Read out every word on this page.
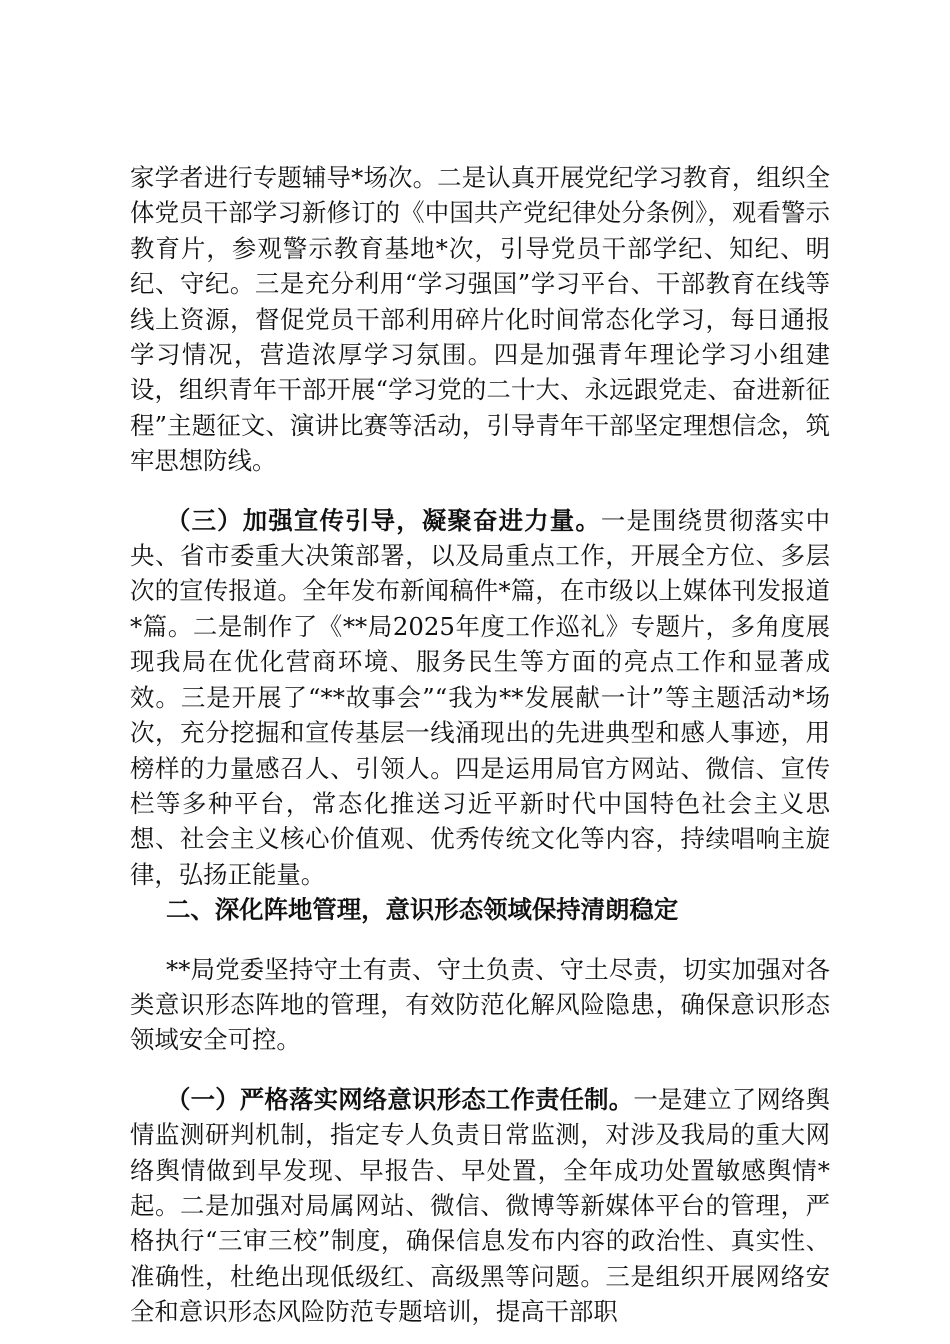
家学者进行专题辅导*场次。二是认真开展党纪学习教育，组织全体党员干部学习新修订的《中国共产党纪律处分条例》，观看警示教育片，参观警示教育基地*次，引导党员干部学纪、知纪、明纪、守纪。三是充分利用“学习强国”学习平台、干部教育在线等线上资源，督促党员干部利用碎片化时间常态化学习，每日通报学习情况，营造浓厚学习氛围。四是加强青年理论学习小组建设，组织青年干部开展“学习党的二十大、永远跟党走、奋进新征程”主题征文、演讲比赛等活动，引导青年干部坚定理想信念，筑牢思想防线。

（三）加强宣传引导，凝聚奋进力量。一是围绕贯彻落实中央、省市委重大决策部署，以及局重点工作，开展全方位、多层次的宣传报道。全年发布新闻稿件*篇，在市级以上媒体刊发报道*篇。二是制作了《**局2025年度工作巡礼》专题片，多角度展现我局在优化营商环境、服务民生等方面的亮点工作和显著成效。三是开展了“**故事会”“我为**发展献一计”等主题活动*场次，充分挖掘和宣传基层一线涌现出的先进典型和感人事迹，用榜样的力量感召人、引领人。四是运用局官方网站、微信、宣传栏等多种平台，常态化推送习近平新时代中国特色社会主义思想、社会主义核心价值观、优秀传统文化等内容，持续唱响主旋律，弘扬正能量。

二、深化阵地管理，意识形态领域保持清朗稳定

**局党委坚持守土有责、守土负责、守土尽责，切实加强对各类意识形态阵地的管理，有效防范化解风险隐患，确保意识形态领域安全可控。

（一）严格落实网络意识形态工作责任制。一是建立了网络舆情监测研判机制，指定专人负责日常监测，对涉及我局的重大网络舆情做到早发现、早报告、早处置，全年成功处置敏感舆情*起。二是加强对局属网站、微信、微博等新媒体平台的管理，严格执行“三审三校”制度，确保信息发布内容的政治性、真实性、准确性，杜绝出现低级红、高级黑等问题。三是组织开展网络安全和意识形态风险防范专题培训，提高干部职
